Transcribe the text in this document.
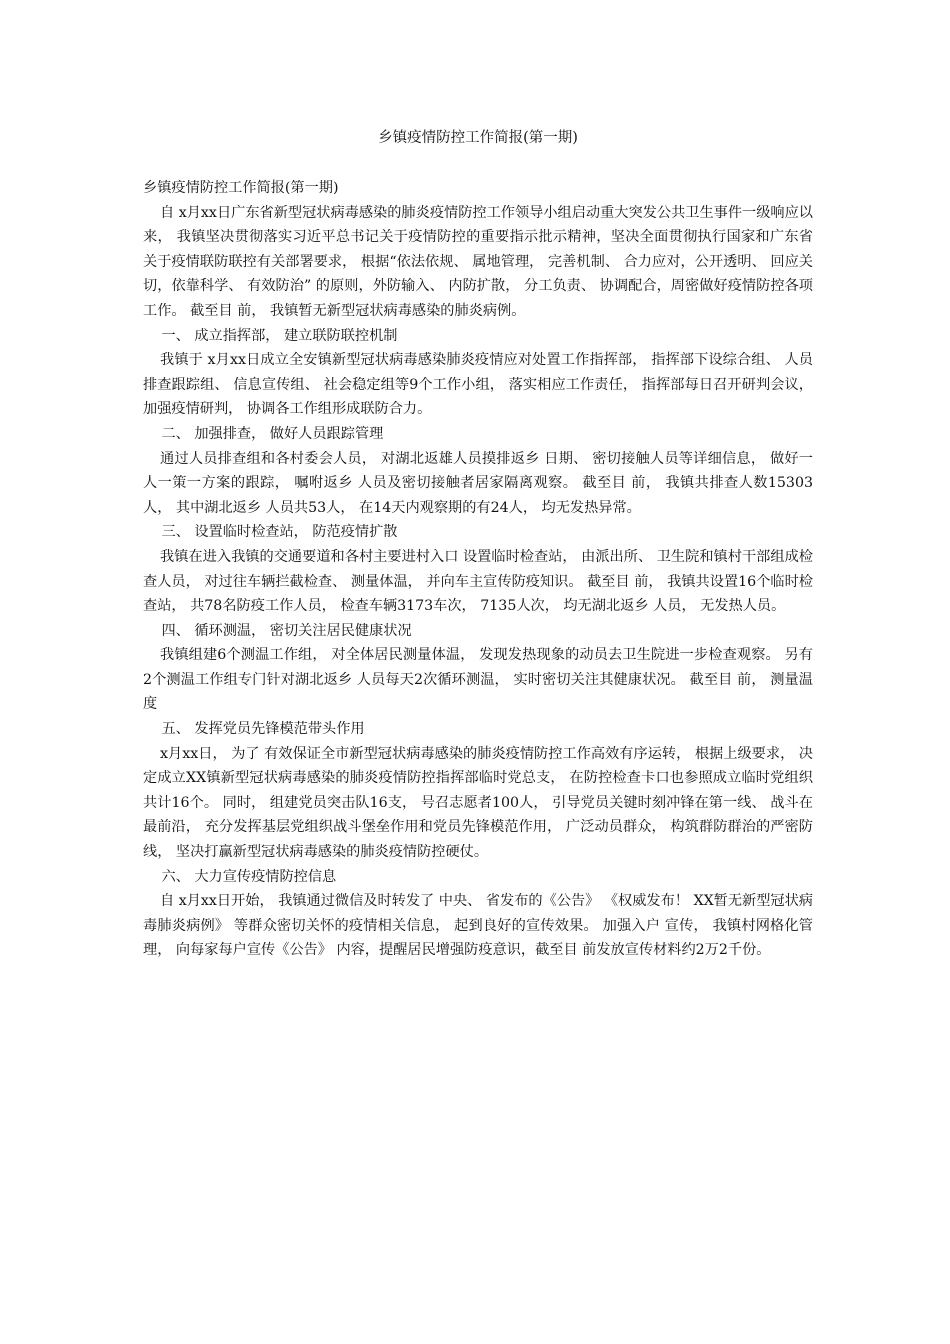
乡镇疫情防控工作简报(第一期)

乡镇疫情防控工作简报(第一期)

自 x月xx日广东省新型冠状病毒感染的肺炎疫情防控工作领导小组启动重大突发公共卫生事件一级响应以来， 我镇坚决贯彻落实习近平总书记关于疫情防控的重要指示批示精神，坚决全面贯彻执行国家和广东省关于疫情联防联控有关部署要求， 根据“依法依规、 属地管理， 完善机制、 合力应对，公开透明、 回应关切，依靠科学、 有效防治” 的原则，外防输入、 内防扩散， 分工负责、 协调配合，周密做好疫情防控各项工作。 截至目 前， 我镇暂无新型冠状病毒感染的肺炎病例。

一、 成立指挥部， 建立联防联控机制

我镇于 x月xx日成立全安镇新型冠状病毒感染肺炎疫情应对处置工作指挥部， 指挥部下设综合组、 人员排查跟踪组、 信息宣传组、 社会稳定组等9个工作小组， 落实相应工作责任， 指挥部每日召开研判会议， 加强疫情研判， 协调各工作组形成联防合力。

二、 加强排查， 做好人员跟踪管理

通过人员排查组和各村委会人员， 对湖北返雄人员摸排返乡 日期、 密切接触人员等详细信息， 做好一人一策一方案的跟踪， 嘱咐返乡 人员及密切接触者居家隔离观察。 截至目 前， 我镇共排查人数15303人， 其中湖北返乡 人员共53人， 在14天内观察期的有24人， 均无发热异常。

三、 设置临时检查站， 防范疫情扩散

我镇在进入我镇的交通要道和各村主要进村入口 设置临时检查站， 由派出所、 卫生院和镇村干部组成检查人员， 对过往车辆拦截检查、 测量体温， 并向车主宣传防疫知识。 截至目 前， 我镇共设置16个临时检查站， 共78名防疫工作人员， 检查车辆3173车次， 7135人次， 均无湖北返乡 人员， 无发热人员。

四、 循环测温， 密切关注居民健康状况

我镇组建6个测温工作组， 对全体居民测量体温， 发现发热现象的动员去卫生院进一步检查观察。 另有2个测温工作组专门针对湖北返乡 人员每天2次循环测温， 实时密切关注其健康状况。 截至目 前， 测量温度

五、 发挥党员先锋模范带头作用

x月xx日， 为了 有效保证全市新型冠状病毒感染的肺炎疫情防控工作高效有序运转， 根据上级要求， 决定成立XX镇新型冠状病毒感染的肺炎疫情防控指挥部临时党总支， 在防控检查卡口也参照成立临时党组织共计16个。 同时， 组建党员突击队16支， 号召志愿者100人， 引导党员关键时刻冲锋在第一线、 战斗在最前沿， 充分发挥基层党组织战斗堡垒作用和党员先锋模范作用， 广泛动员群众， 构筑群防群治的严密防线， 坚决打赢新型冠状病毒感染的肺炎疫情防控硬仗。

六、 大力宣传疫情防控信息

自 x月xx日开始， 我镇通过微信及时转发了 中央、 省发布的《公告》 《权威发布！ XX暂无新型冠状病毒肺炎病例》 等群众密切关怀的疫情相关信息， 起到良好的宣传效果。 加强入户 宣传， 我镇村网格化管理， 向每家每户宣传《公告》 内容，提醒居民增强防疫意识，截至目 前发放宣传材料约2万2千份。
